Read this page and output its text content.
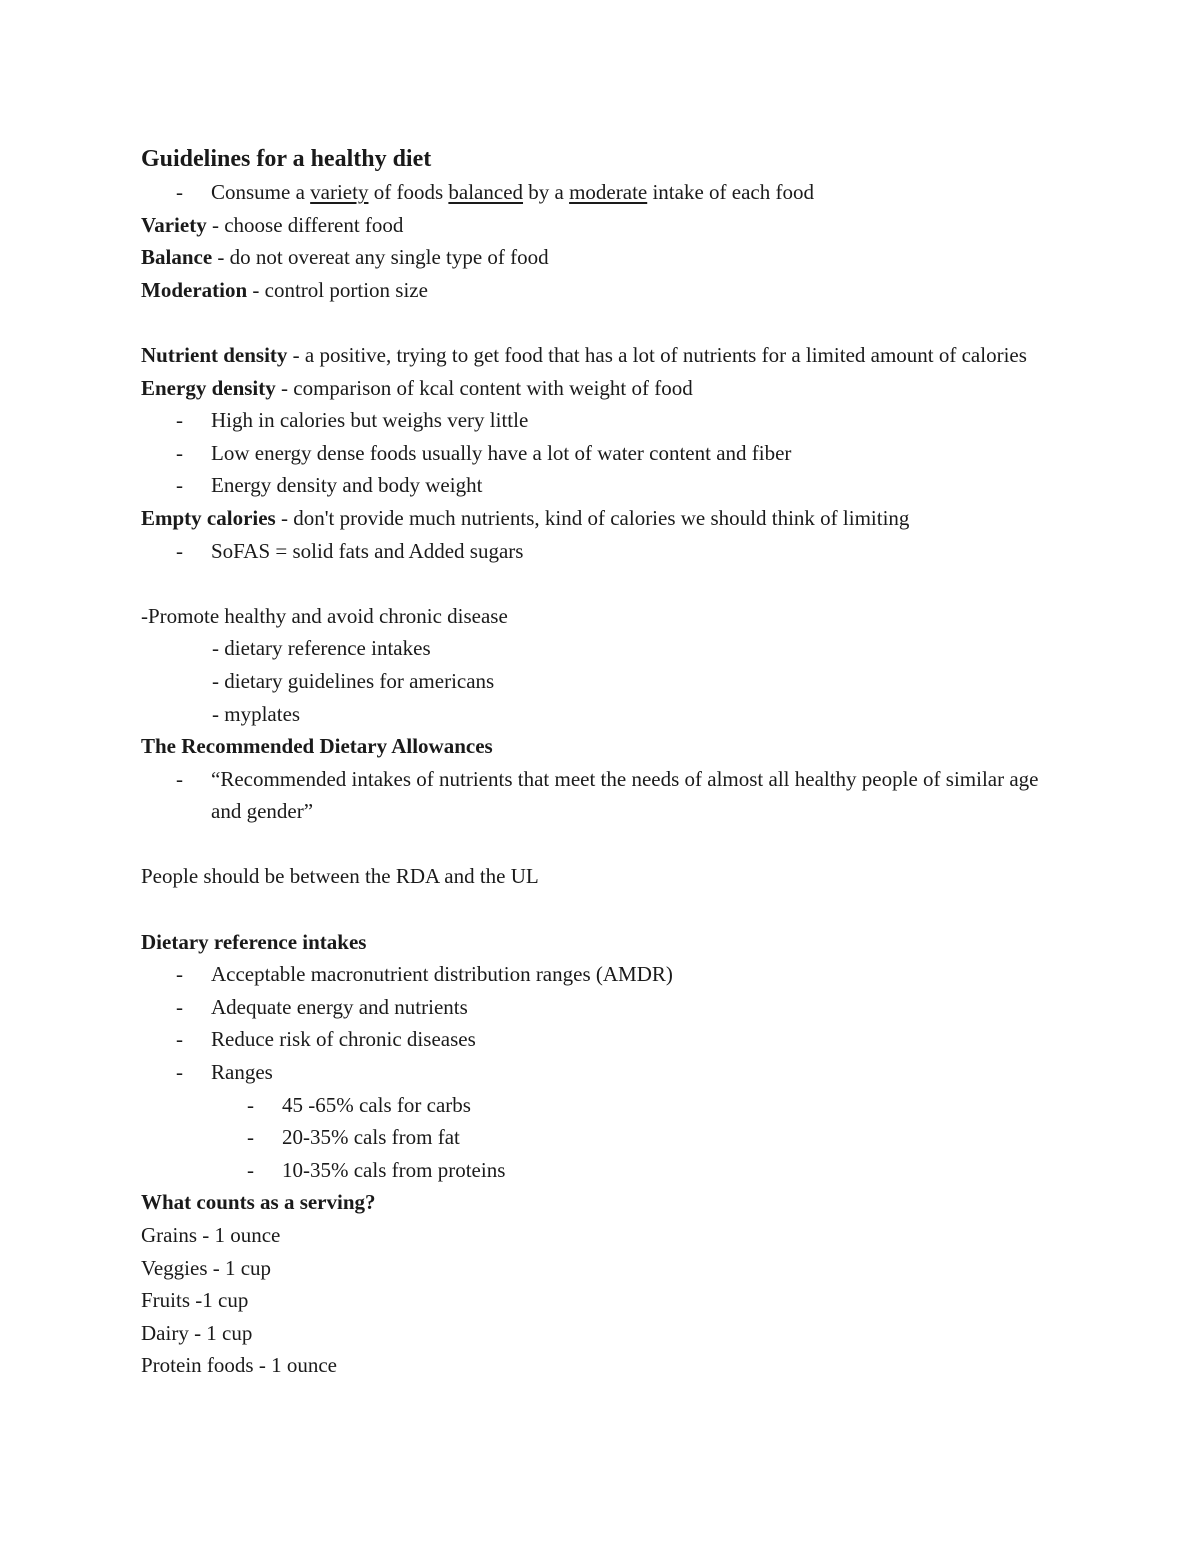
Guidelines for a healthy diet

- Consume a variety of foods balanced by a moderate intake of each food

Variety - choose different food

Balance - do not overeat any single type of food

Moderation - control portion size

Nutrient density - a positive, trying to get food that has a lot of nutrients for a limited amount of calories

Energy density - comparison of kcal content with weight of food

- High in calories but weighs very little

- Low energy dense foods usually have a lot of water content and fiber

- Energy density and body weight

Empty calories - don't provide much nutrients, kind of calories we should think of limiting

- SoFAS = solid fats and Added sugars

-Promote healthy and avoid chronic disease

- dietary reference intakes

- dietary guidelines for americans

- myplates

The Recommended Dietary Allowances

- “Recommended intakes of nutrients that meet the needs of almost all healthy people of similar age and gender”

People should be between the RDA and the UL

Dietary reference intakes

- Acceptable macronutrient distribution ranges (AMDR)

- Adequate energy and nutrients

- Reduce risk of chronic diseases

- Ranges

- 45 -65% cals for carbs

- 20-35% cals from fat

- 10-35% cals from proteins

What counts as a serving?

Grains - 1 ounce

Veggies - 1 cup

Fruits -1 cup

Dairy - 1 cup

Protein foods - 1 ounce
